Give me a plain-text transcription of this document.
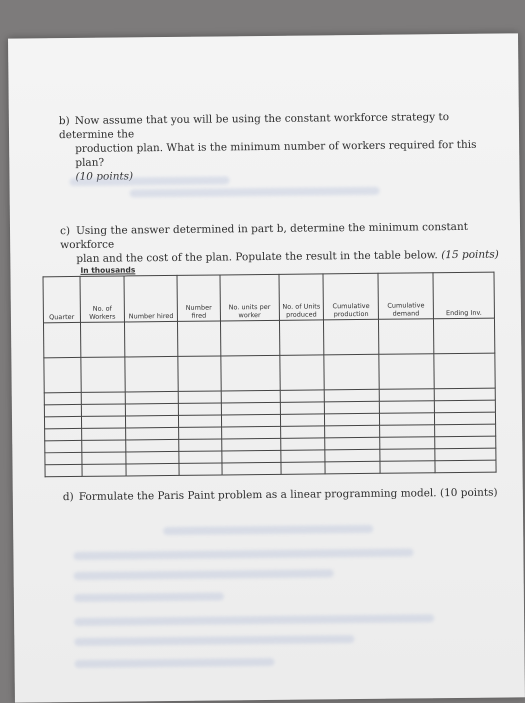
b) Now assume that you will be using the constant workforce strategy to determine the
production plan. What is the minimum number of workers required for this plan?
(10 points)
c) Using the answer determined in part b, determine the minimum constant workforce
plan and the cost of the plan. Populate the result in the table below. (15 points)
In thousands
Quarter	No. of Workers	Number hired	Number fired	No. units per worker	No. of Units produced	Cumulative production	Cumulative demand	Ending Inv.

d) Formulate the Paris Paint problem as a linear programming model. (10 points)
